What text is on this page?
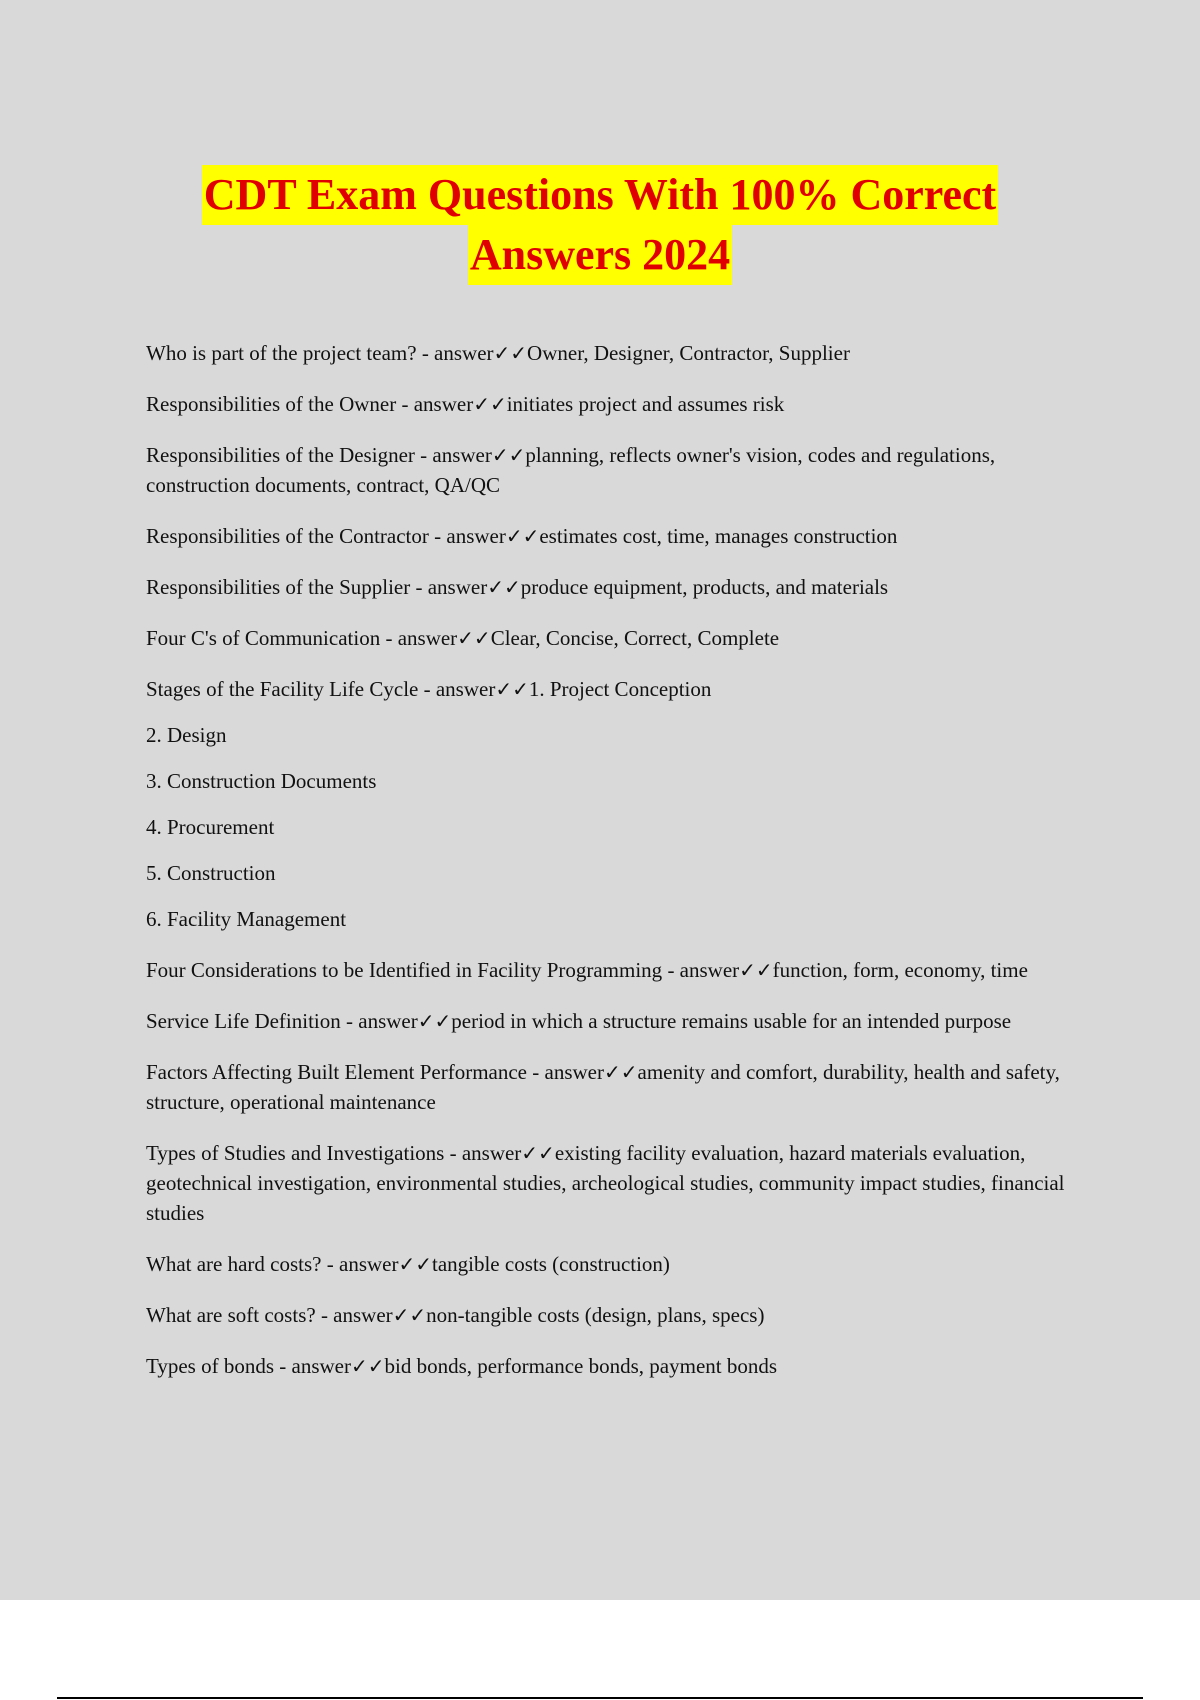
CDT Exam Questions With 100% Correct
Answers 2024
Who is part of the project team? - answer✓✓Owner, Designer, Contractor, Supplier
Responsibilities of the Owner - answer✓✓initiates project and assumes risk
Responsibilities of the Designer - answer✓✓planning, reflects owner's vision, codes and regulations, construction documents, contract, QA/QC
Responsibilities of the Contractor - answer✓✓estimates cost, time, manages construction
Responsibilities of the Supplier - answer✓✓produce equipment, products, and materials
Four C's of Communication - answer✓✓Clear, Concise, Correct, Complete
Stages of the Facility Life Cycle - answer✓✓1. Project Conception
2. Design
3. Construction Documents
4. Procurement
5. Construction
6. Facility Management
Four Considerations to be Identified in Facility Programming - answer✓✓function, form, economy, time
Service Life Definition - answer✓✓period in which a structure remains usable for an intended purpose
Factors Affecting Built Element Performance - answer✓✓amenity and comfort, durability, health and safety, structure, operational maintenance
Types of Studies and Investigations - answer✓✓existing facility evaluation, hazard materials evaluation, geotechnical investigation, environmental studies, archeological studies, community impact studies, financial studies
What are hard costs? - answer✓✓tangible costs (construction)
What are soft costs? - answer✓✓non-tangible costs (design, plans, specs)
Types of bonds - answer✓✓bid bonds, performance bonds, payment bonds
